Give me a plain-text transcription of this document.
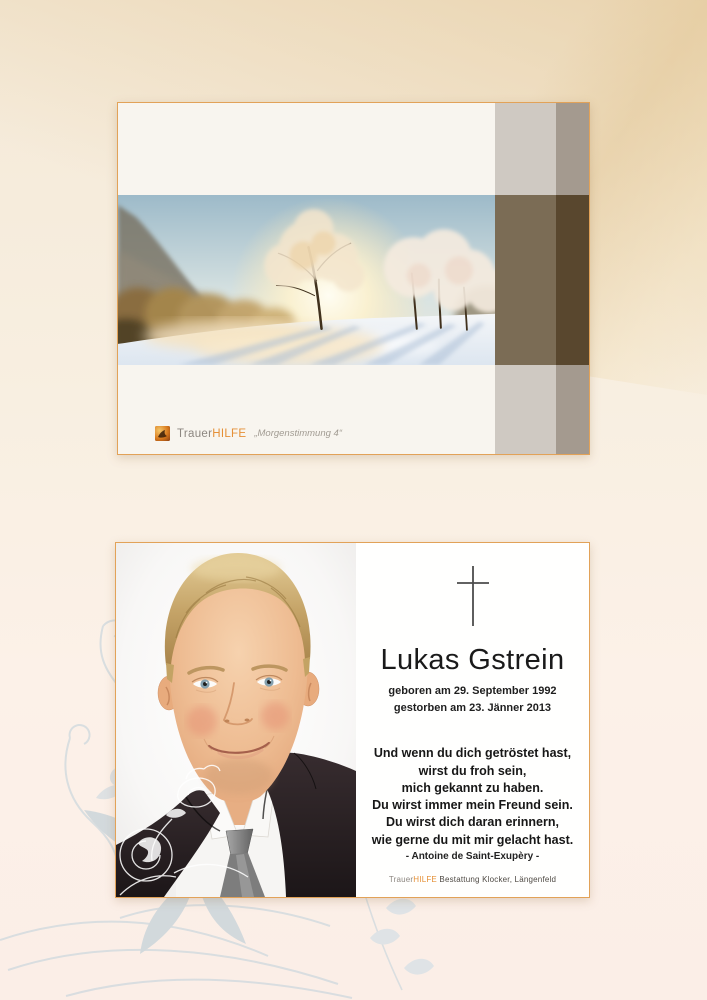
TrauerHILFE „Morgenstimmung 4“
Lukas Gstrein
geboren am 29. September 1992
gestorben am 23. Jänner 2013
Und wenn du dich getröstet hast,
wirst du froh sein,
mich gekannt zu haben.
Du wirst immer mein Freund sein.
Du wirst dich daran erinnern,
wie gerne du mit mir gelacht hast.
- Antoine de Saint-Exupèry -
TrauerHILFE Bestattung Klocker, Längenfeld
